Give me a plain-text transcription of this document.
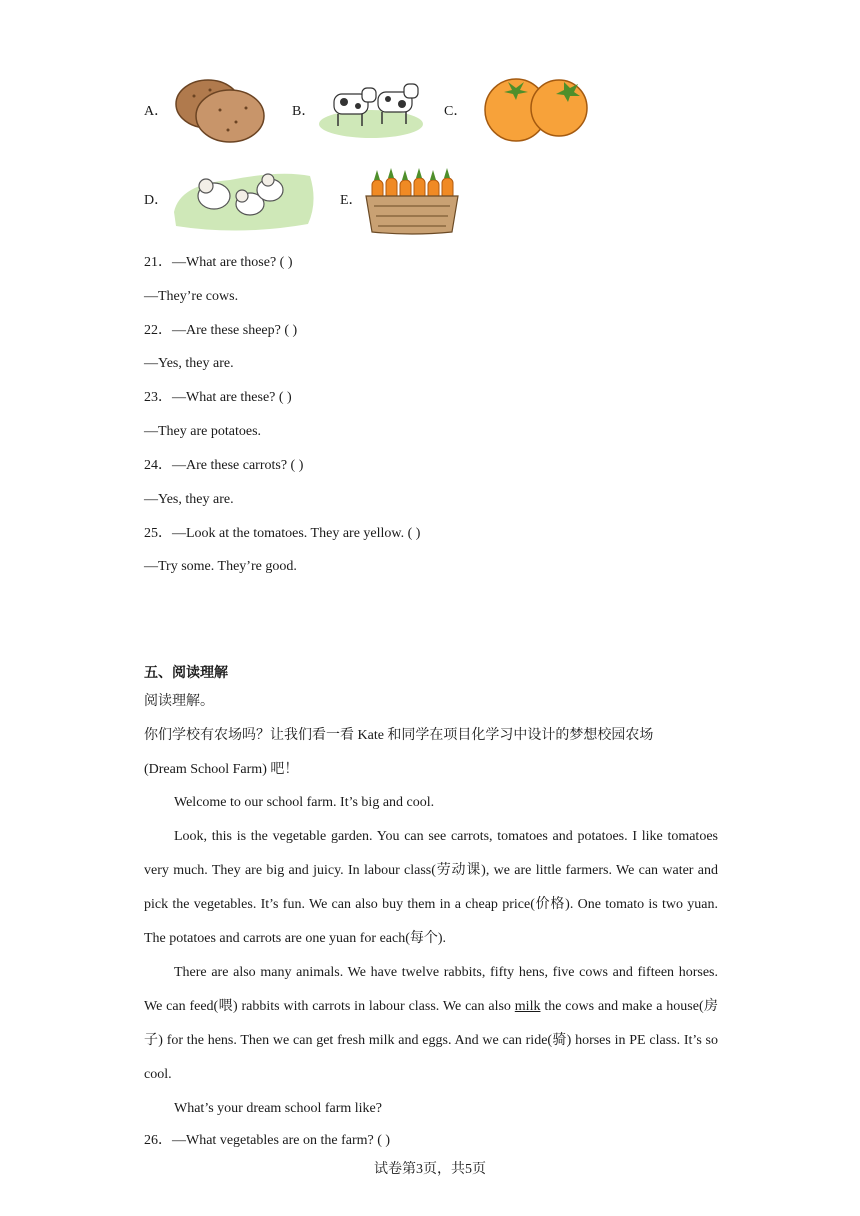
A．	B．	C．
D．	E．
21．—What are those? ( )
—They’re cows.
22．—Are these sheep? ( )
—Yes, they are.
23．—What are these? ( )
—They are potatoes.
24．—Are these carrots? ( )
—Yes, they are.
25．—Look at the tomatoes. They are yellow. ( )
—Try some. They’re good.
五、阅读理解
阅读理解。
你们学校有农场吗？让我们看一看 Kate 和同学在项目化学习中设计的梦想校园农场
(Dream School Farm) 吧！

Welcome to our school farm. It’s big and cool.

Look, this is the vegetable garden. You can see carrots, tomatoes and potatoes. I like tomatoes very much. They are big and juicy. In labour class(劳动课), we are little farmers. We can water and pick the vegetables. It’s fun. We can also buy them in a cheap price(价格). One tomato is two yuan. The potatoes and carrots are one yuan for each(每个).

There are also many animals. We have twelve rabbits, fifty hens, five cows and fifteen horses. We can feed(喂) rabbits with carrots in labour class. We can also milk the cows and make a house(房子) for the hens. Then we can get fresh milk and eggs. And we can ride(骑) horses in PE class. It’s so cool.

What’s your dream school farm like?

26．—What vegetables are on the farm? ( )
试卷第3页，共5页
